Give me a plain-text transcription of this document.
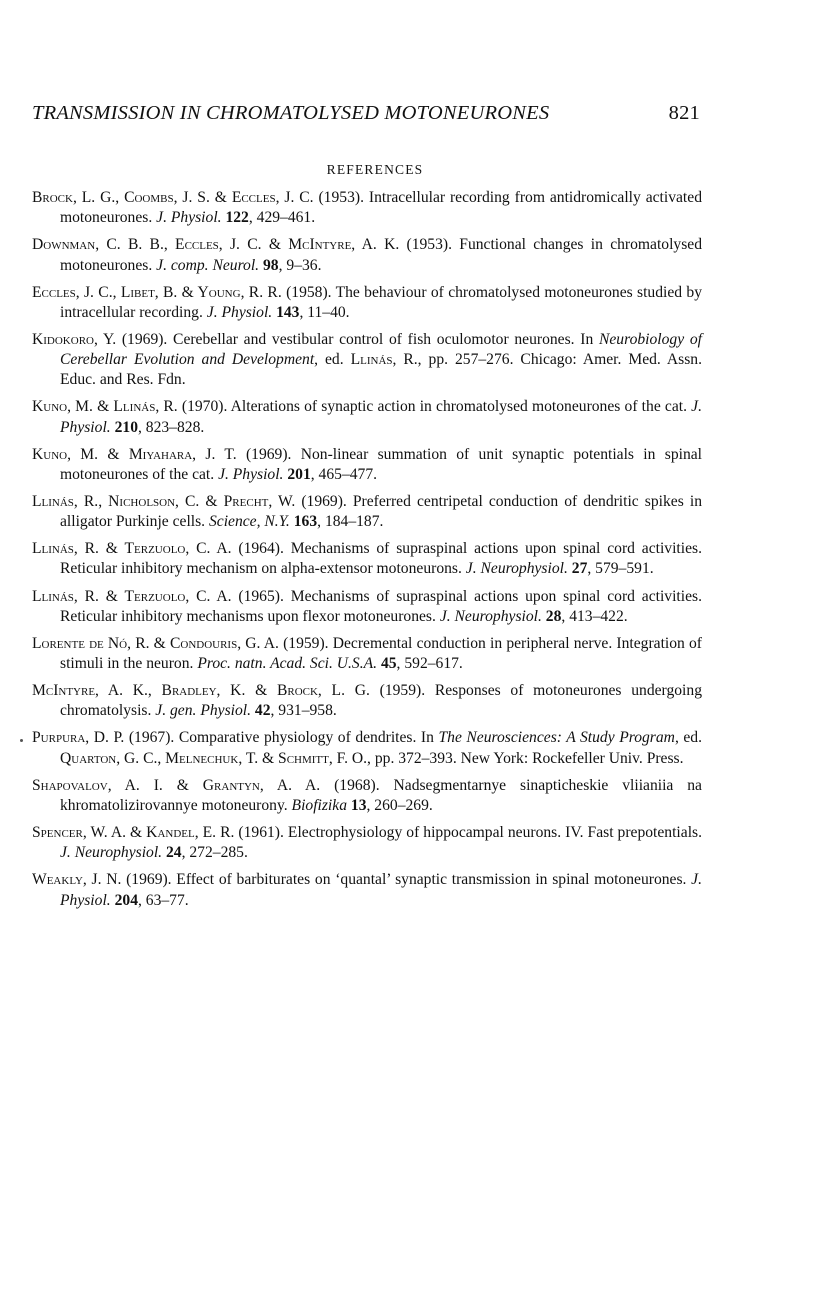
TRANSMISSION IN CHROMATOLYSED MOTONEURONES	821
REFERENCES
Brock, L. G., Coombs, J. S. & Eccles, J. C. (1953). Intracellular recording from antidromically activated motoneurones. J. Physiol. 122, 429–461.
Downman, C. B. B., Eccles, J. C. & McIntyre, A. K. (1953). Functional changes in chromatolysed motoneurones. J. comp. Neurol. 98, 9–36.
Eccles, J. C., Libet, B. & Young, R. R. (1958). The behaviour of chromatolysed motoneurones studied by intracellular recording. J. Physiol. 143, 11–40.
Kidokoro, Y. (1969). Cerebellar and vestibular control of fish oculomotor neurones. In Neurobiology of Cerebellar Evolution and Development, ed. Llinás, R., pp. 257–276. Chicago: Amer. Med. Assn. Educ. and Res. Fdn.
Kuno, M. & Llinás, R. (1970). Alterations of synaptic action in chromatolysed motoneurones of the cat. J. Physiol. 210, 823–828.
Kuno, M. & Miyahara, J. T. (1969). Non-linear summation of unit synaptic potentials in spinal motoneurones of the cat. J. Physiol. 201, 465–477.
Llinás, R., Nicholson, C. & Precht, W. (1969). Preferred centripetal conduction of dendritic spikes in alligator Purkinje cells. Science, N.Y. 163, 184–187.
Llinás, R. & Terzuolo, C. A. (1964). Mechanisms of supraspinal actions upon spinal cord activities. Reticular inhibitory mechanism on alpha-extensor motoneurons. J. Neurophysiol. 27, 579–591.
Llinás, R. & Terzuolo, C. A. (1965). Mechanisms of supraspinal actions upon spinal cord activities. Reticular inhibitory mechanisms upon flexor motoneurones. J. Neurophysiol. 28, 413–422.
Lorente de Nó, R. & Condouris, G. A. (1959). Decremental conduction in peripheral nerve. Integration of stimuli in the neuron. Proc. natn. Acad. Sci. U.S.A. 45, 592–617.
McIntyre, A. K., Bradley, K. & Brock, L. G. (1959). Responses of motoneurones undergoing chromatolysis. J. gen. Physiol. 42, 931–958.
Purpura, D. P. (1967). Comparative physiology of dendrites. In The Neurosciences: A Study Program, ed. Quarton, G. C., Melnechuk, T. & Schmitt, F. O., pp. 372–393. New York: Rockefeller Univ. Press.
Shapovalov, A. I. & Grantyn, A. A. (1968). Nadsegmentarnye sinapticheskie vliianiia na khromatolizirovannye motoneurony. Biofizika 13, 260–269.
Spencer, W. A. & Kandel, E. R. (1961). Electrophysiology of hippocampal neurons. IV. Fast prepotentials. J. Neurophysiol. 24, 272–285.
Weakly, J. N. (1969). Effect of barbiturates on ‘quantal’ synaptic transmission in spinal motoneurones. J. Physiol. 204, 63–77.
